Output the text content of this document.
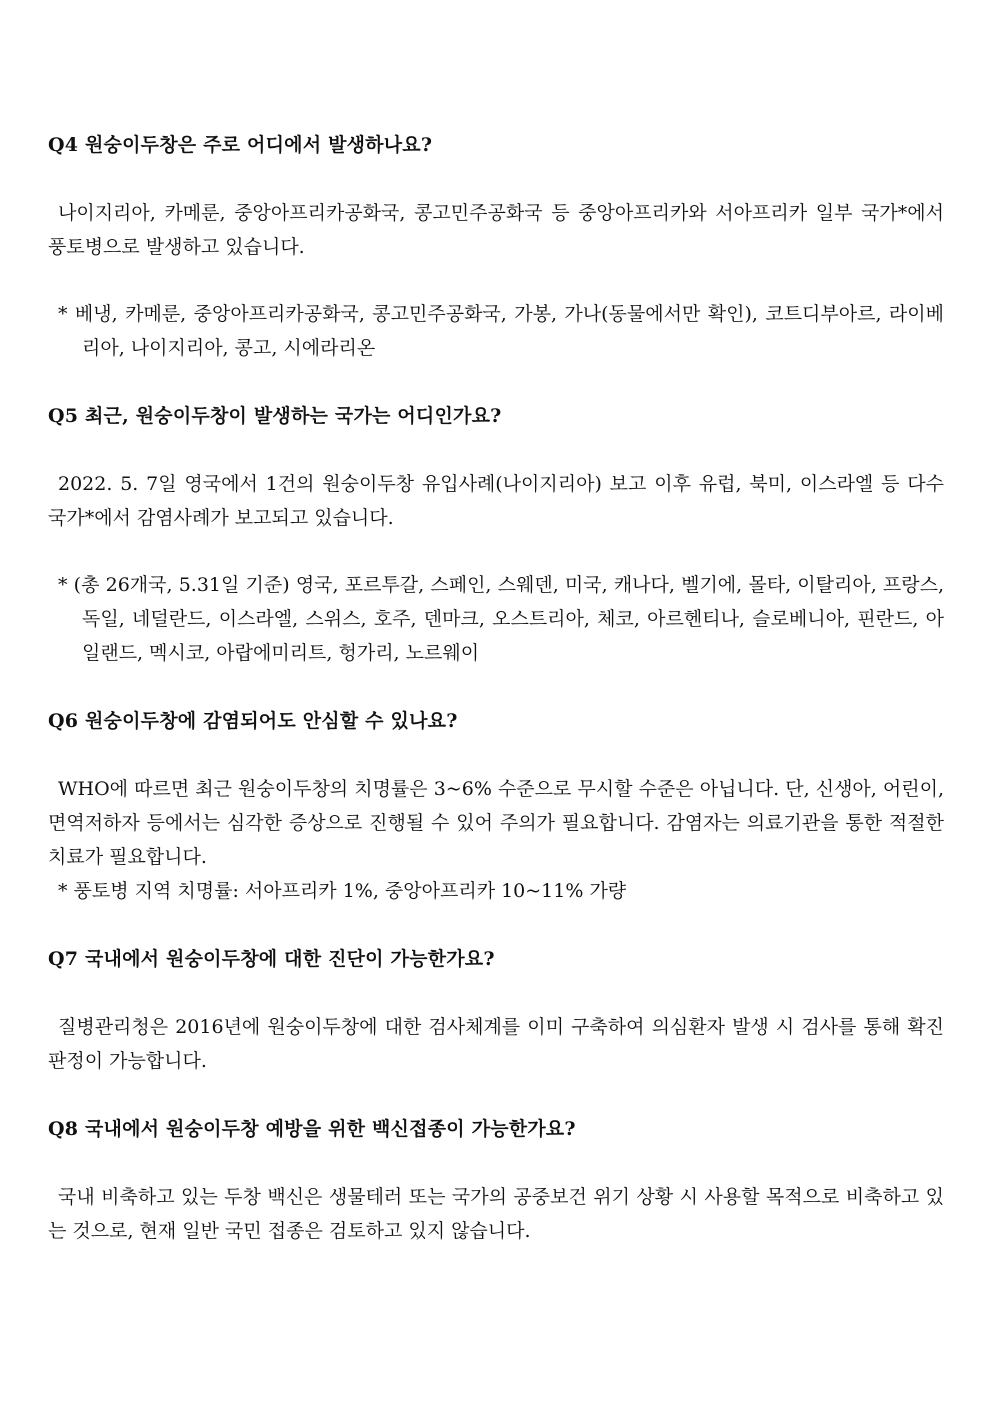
Q4 원숭이두창은 주로 어디에서 발생하나요?

나이지리아, 카메룬, 중앙아프리카공화국, 콩고민주공화국 등 중앙아프리카와 서아프리카 일부 국가*에서 풍토병으로 발생하고 있습니다.

* 베냉, 카메룬, 중앙아프리카공화국, 콩고민주공화국, 가봉, 가나(동물에서만 확인), 코트디부아르, 라이베리아, 나이지리아, 콩고, 시에라리온

Q5 최근, 원숭이두창이 발생하는 국가는 어디인가요?

2022. 5. 7일 영국에서 1건의 원숭이두창 유입사례(나이지리아) 보고 이후 유럽, 북미, 이스라엘 등 다수 국가*에서 감염사례가 보고되고 있습니다.

* (총 26개국, 5.31일 기준) 영국, 포르투갈, 스페인, 스웨덴, 미국, 캐나다, 벨기에, 몰타, 이탈리아, 프랑스, 독일, 네덜란드, 이스라엘, 스위스, 호주, 덴마크, 오스트리아, 체코, 아르헨티나, 슬로베니아, 핀란드, 아일랜드, 멕시코, 아랍에미리트, 헝가리, 노르웨이

Q6 원숭이두창에 감염되어도 안심할 수 있나요?

WHO에 따르면 최근 원숭이두창의 치명률은 3~6% 수준으로 무시할 수준은 아닙니다. 단, 신생아, 어린이, 면역저하자 등에서는 심각한 증상으로 진행될 수 있어 주의가 필요합니다. 감염자는 의료기관을 통한 적절한 치료가 필요합니다.

* 풍토병 지역 치명률: 서아프리카 1%, 중앙아프리카 10~11% 가량

Q7 국내에서 원숭이두창에 대한 진단이 가능한가요?

질병관리청은 2016년에 원숭이두창에 대한 검사체계를 이미 구축하여 의심환자 발생 시 검사를 통해 확진 판정이 가능합니다.

Q8 국내에서 원숭이두창 예방을 위한 백신접종이 가능한가요?

국내 비축하고 있는 두창 백신은 생물테러 또는 국가의 공중보건 위기 상황 시 사용할 목적으로 비축하고 있는 것으로, 현재 일반 국민 접종은 검토하고 있지 않습니다.
